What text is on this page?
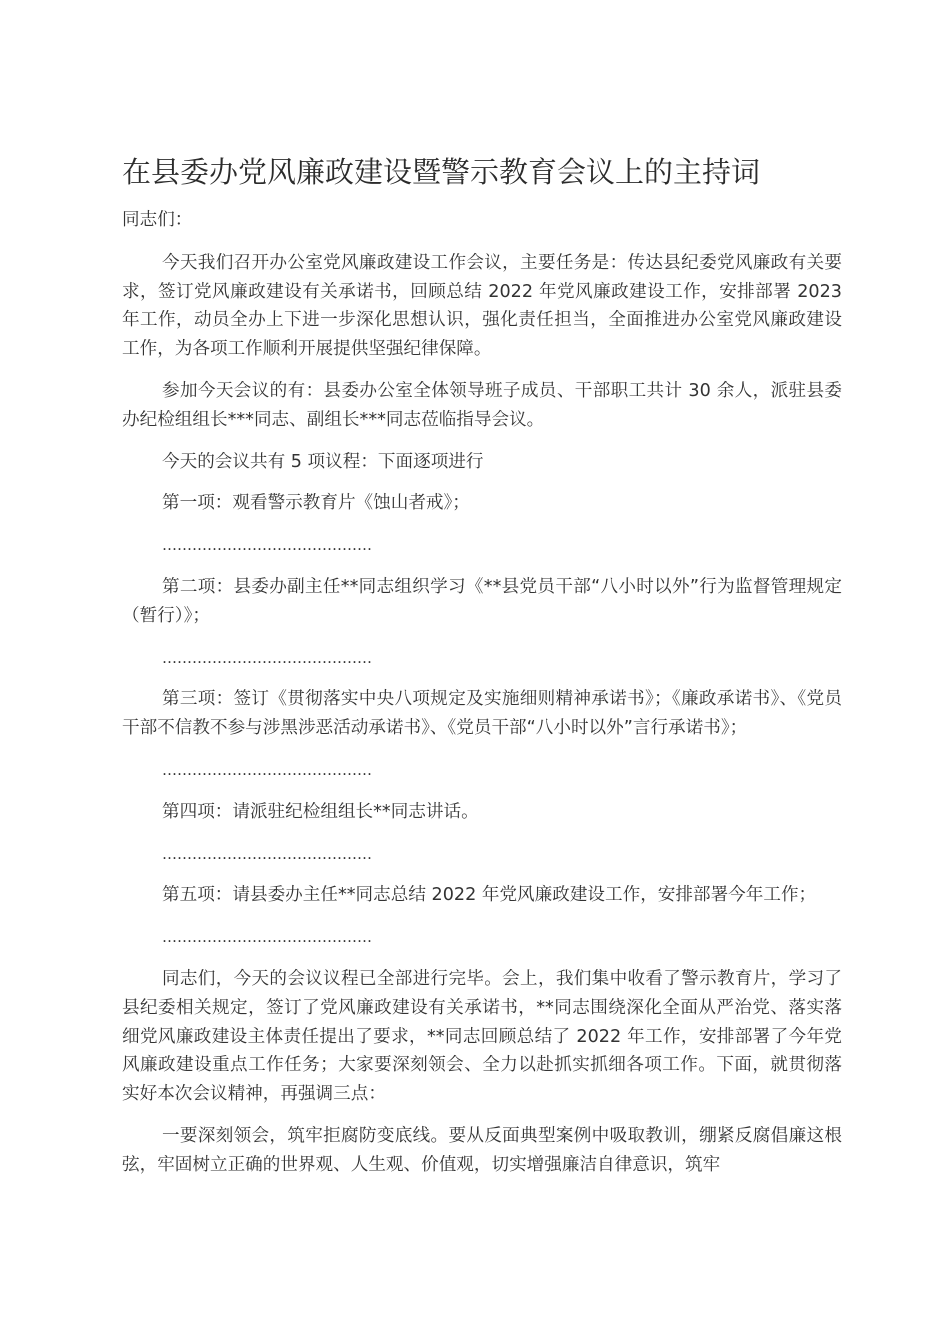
在县委办党风廉政建设暨警示教育会议上的主持词

同志们：

今天我们召开办公室党风廉政建设工作会议，主要任务是：传达县纪委党风廉政有关要求，签订党风廉政建设有关承诺书，回顾总结 2022 年党风廉政建设工作，安排部署 2023 年工作，动员全办上下进一步深化思想认识，强化责任担当，全面推进办公室党风廉政建设工作，为各项工作顺利开展提供坚强纪律保障。

参加今天会议的有：县委办公室全体领导班子成员、干部职工共计 30 余人，派驻县委办纪检组组长***同志、副组长***同志莅临指导会议。

今天的会议共有 5 项议程：下面逐项进行

第一项：观看警示教育片《蚀山者戒》；

……………………………………

第二项：县委办副主任**同志组织学习《**县党员干部“八小时以外”行为监督管理规定（暂行）》；

……………………………………

第三项：签订《贯彻落实中央八项规定及实施细则精神承诺书》；《廉政承诺书》、《党员干部不信教不参与涉黑涉恶活动承诺书》、《党员干部“八小时以外”言行承诺书》；

……………………………………

第四项：请派驻纪检组组长**同志讲话。

……………………………………

第五项：请县委办主任**同志总结 2022 年党风廉政建设工作，安排部署今年工作；

……………………………………

同志们，今天的会议议程已全部进行完毕。会上，我们集中收看了警示教育片，学习了县纪委相关规定，签订了党风廉政建设有关承诺书，**同志围绕深化全面从严治党、落实落细党风廉政建设主体责任提出了要求，**同志回顾总结了 2022 年工作，安排部署了今年党风廉政建设重点工作任务；大家要深刻领会、全力以赴抓实抓细各项工作。下面，就贯彻落实好本次会议精神，再强调三点：

一要深刻领会，筑牢拒腐防变底线。要从反面典型案例中吸取教训，绷紧反腐倡廉这根弦，牢固树立正确的世界观、人生观、价值观，切实增强廉洁自律意识，筑牢
